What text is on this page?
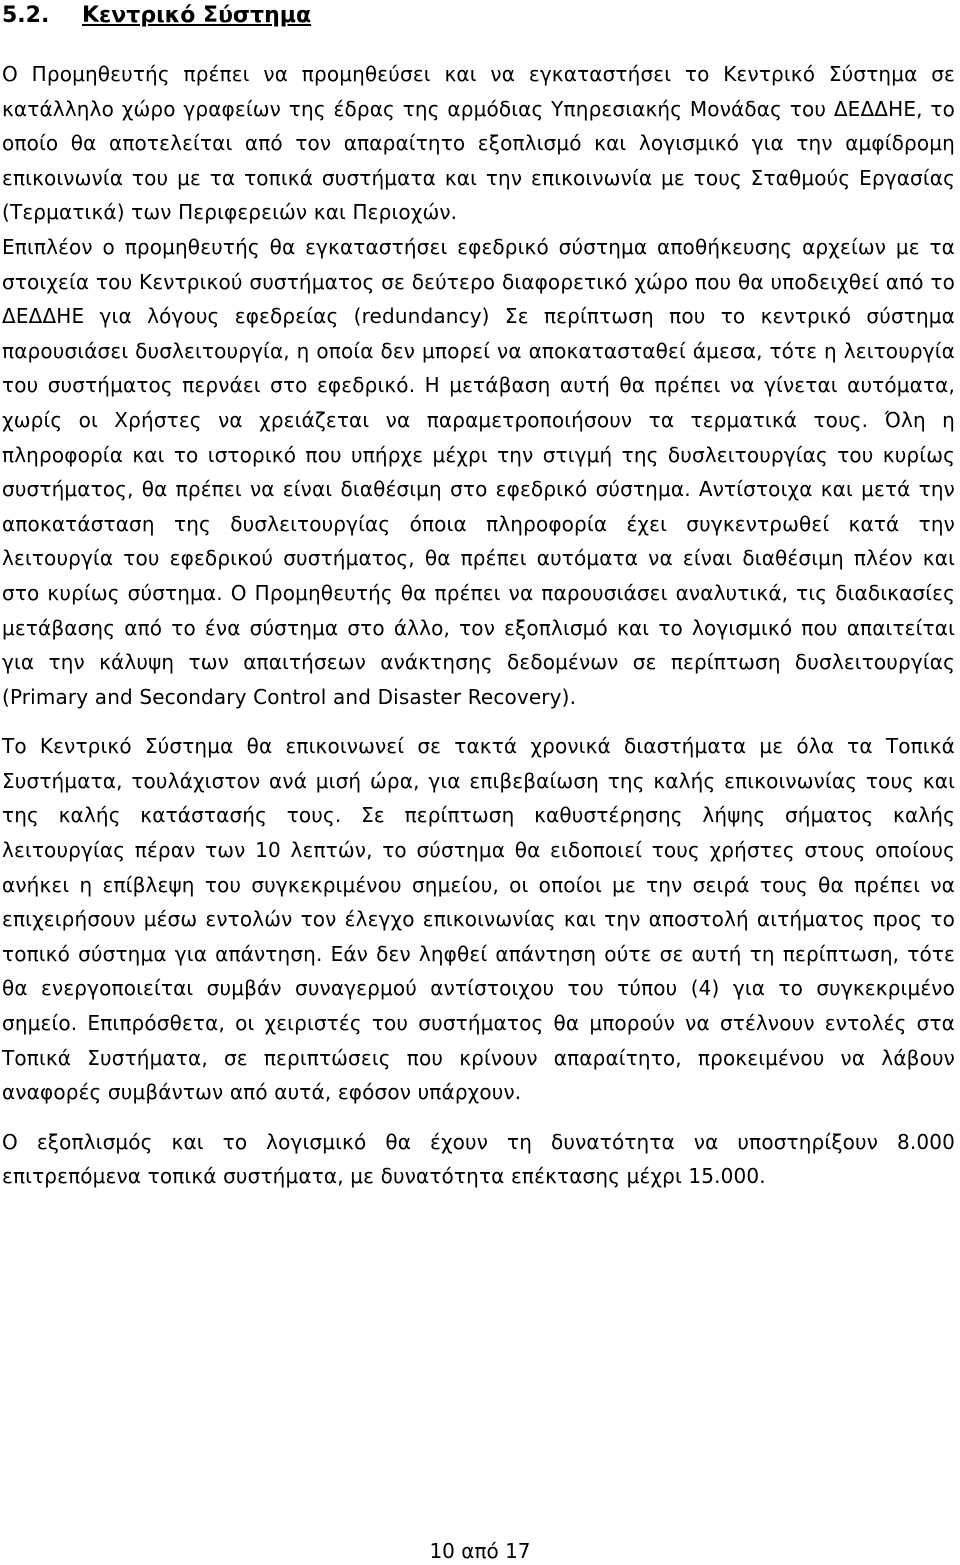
5.2. Κεντρικό Σύστημα

Ο Προμηθευτής πρέπει να προμηθεύσει και να εγκαταστήσει το Κεντρικό Σύστημα σε κατάλληλο χώρο γραφείων της έδρας της αρμόδιας Υπηρεσιακής Μονάδας του ΔΕΔΔΗΕ, το οποίο θα αποτελείται από τον απαραίτητο εξοπλισμό και λογισμικό για την αμφίδρομη επικοινωνία του με τα τοπικά συστήματα και την επικοινωνία με τους Σταθμούς Εργασίας (Τερματικά) των Περιφερειών και Περιοχών.

Επιπλέον ο προμηθευτής θα εγκαταστήσει εφεδρικό σύστημα αποθήκευσης αρχείων με τα στοιχεία του Κεντρικού συστήματος σε δεύτερο διαφορετικό χώρο που θα υποδειχθεί από το ΔΕΔΔΗΕ για λόγους εφεδρείας (redundancy) Σε περίπτωση που το κεντρικό σύστημα παρουσιάσει δυσλειτουργία, η οποία δεν μπορεί να αποκατασταθεί άμεσα, τότε η λειτουργία του συστήματος περνάει στο εφεδρικό. Η μετάβαση αυτή θα πρέπει να γίνεται αυτόματα, χωρίς οι Χρήστες να χρειάζεται να παραμετροποιήσουν τα τερματικά τους. Όλη η πληροφορία και το ιστορικό που υπήρχε μέχρι την στιγμή της δυσλειτουργίας του κυρίως συστήματος, θα πρέπει να είναι διαθέσιμη στο εφεδρικό σύστημα. Αντίστοιχα και μετά την αποκατάσταση της δυσλειτουργίας όποια πληροφορία έχει συγκεντρωθεί κατά την λειτουργία του εφεδρικού συστήματος, θα πρέπει αυτόματα να είναι διαθέσιμη πλέον και στο κυρίως σύστημα. Ο Προμηθευτής θα πρέπει να παρουσιάσει αναλυτικά, τις διαδικασίες μετάβασης από το ένα σύστημα στο άλλο, τον εξοπλισμό και το λογισμικό που απαιτείται για την κάλυψη των απαιτήσεων ανάκτησης δεδομένων σε περίπτωση δυσλειτουργίας (Primary and Secondary Control and Disaster Recovery).

Το Κεντρικό Σύστημα θα επικοινωνεί σε τακτά χρονικά διαστήματα με όλα τα Τοπικά Συστήματα, τουλάχιστον ανά μισή ώρα, για επιβεβαίωση της καλής επικοινωνίας τους και της καλής κατάστασής τους. Σε περίπτωση καθυστέρησης λήψης σήματος καλής λειτουργίας πέραν των 10 λεπτών, το σύστημα θα ειδοποιεί τους χρήστες στους οποίους ανήκει η επίβλεψη του συγκεκριμένου σημείου, οι οποίοι με την σειρά τους θα πρέπει να επιχειρήσουν μέσω εντολών τον έλεγχο επικοινωνίας και την αποστολή αιτήματος προς το τοπικό σύστημα για απάντηση. Εάν δεν ληφθεί απάντηση ούτε σε αυτή τη περίπτωση, τότε θα ενεργοποιείται συμβάν συναγερμού αντίστοιχου του τύπου (4) για το συγκεκριμένο σημείο. Επιπρόσθετα, οι χειριστές του συστήματος θα μπορούν να στέλνουν εντολές στα Τοπικά Συστήματα, σε περιπτώσεις που κρίνουν απαραίτητο, προκειμένου να λάβουν αναφορές συμβάντων από αυτά, εφόσον υπάρχουν.

Ο εξοπλισμός και το λογισμικό θα έχουν τη δυνατότητα να υποστηρίξουν 8.000 επιτρεπόμενα τοπικά συστήματα, με δυνατότητα επέκτασης μέχρι 15.000.

10 από 17
